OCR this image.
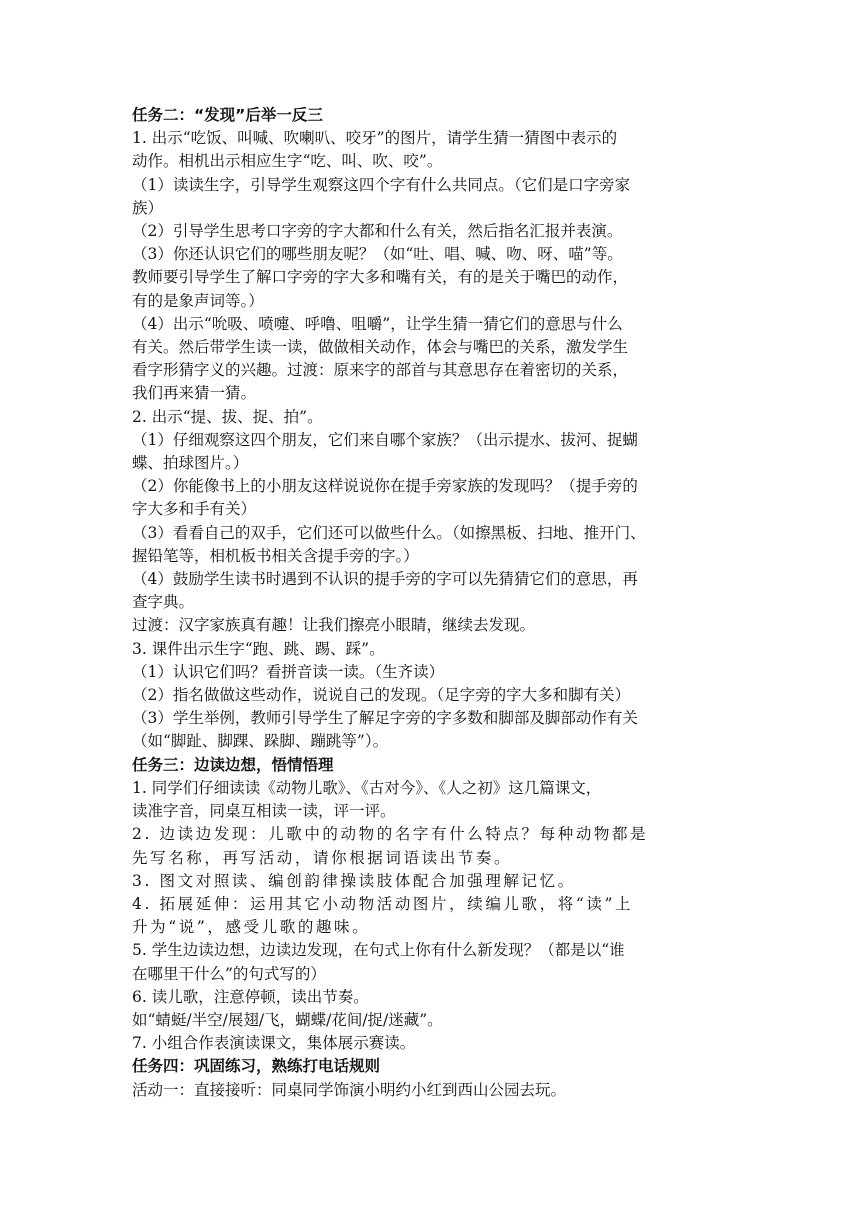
任务二：“发现”后举一反三
1. 出示“吃饭、叫喊、吹喇叭、咬牙”的图片，请学生猜一猜图中表示的
动作。相机出示相应生字“吃、叫、吹、咬”。
（1）读读生字，引导学生观察这四个字有什么共同点。（它们是口字旁家
族）
（2）引导学生思考口字旁的字大都和什么有关，然后指名汇报并表演。
（3）你还认识它们的哪些朋友呢？（如“吐、唱、喊、吻、呀、喵”等。
教师要引导学生了解口字旁的字大多和嘴有关，有的是关于嘴巴的动作，
有的是象声词等。）
（4）出示“吮吸、喷嚏、呼噜、咀嚼”，让学生猜一猜它们的意思与什么
有关。然后带学生读一读，做做相关动作，体会与嘴巴的关系，激发学生
看字形猜字义的兴趣。过渡：原来字的部首与其意思存在着密切的关系，
我们再来猜一猜。
2. 出示“提、拔、捉、拍”。
（1）仔细观察这四个朋友，它们来自哪个家族？（出示提水、拔河、捉蝴
蝶、拍球图片。）
（2）你能像书上的小朋友这样说说你在提手旁家族的发现吗？（提手旁的
字大多和手有关）
（3）看看自己的双手，它们还可以做些什么。（如擦黑板、扫地、推开门、
握铅笔等，相机板书相关含提手旁的字。）
（4）鼓励学生读书时遇到不认识的提手旁的字可以先猜猜它们的意思，再
查字典。
过渡：汉字家族真有趣！让我们擦亮小眼睛，继续去发现。
3. 课件出示生字“跑、跳、踢、踩”。
（1）认识它们吗？看拼音读一读。（生齐读）
（2）指名做做这些动作，说说自己的发现。（足字旁的字大多和脚有关）
（3）学生举例，教师引导学生了解足字旁的字多数和脚部及脚部动作有关
（如“脚趾、脚踝、跺脚、蹦跳等”）。
任务三：边读边想，悟情悟理
1. 同学们仔细读读《动物儿歌》、《古对今》、《人之初》这几篇课文，
读准字音，同桌互相读一读，评一评。
2. 边读边发现：儿歌中的动物的名字有什么特点？每种动物都是
先写名称，再写活动，请你根据词语读出节奏。
3. 图文对照读、编创韵律操读肢体配合加强理解记忆。
4. 拓展延伸：运用其它小动物活动图片，续编儿歌，将“读”上
升为“说”，感受儿歌的趣味。
5. 学生边读边想，边读边发现，在句式上你有什么新发现？（都是以“谁
在哪里干什么”的句式写的）
6. 读儿歌，注意停顿，读出节奏。
如“蜻蜓/半空/展翅/飞，蝴蝶/花间/捉/迷藏”。
7. 小组合作表演读课文，集体展示赛读。
任务四：巩固练习，熟练打电话规则
活动一：直接接听：同桌同学饰演小明约小红到西山公园去玩。
